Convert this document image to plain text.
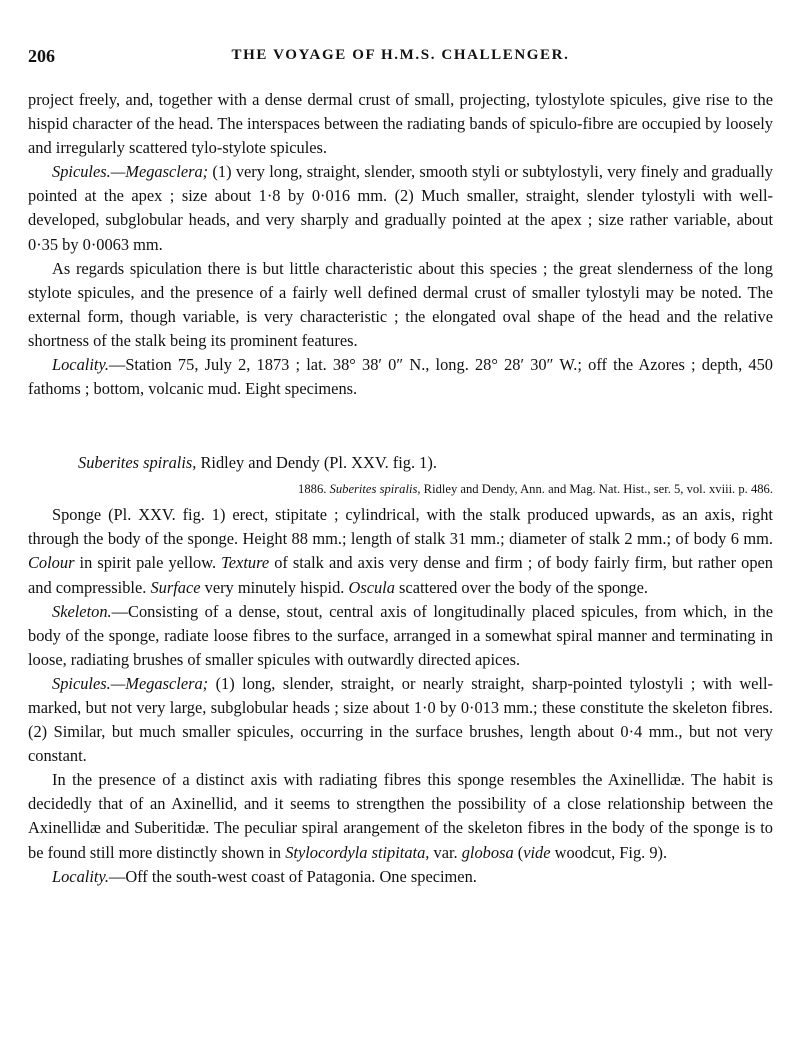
206	THE VOYAGE OF H.M.S. CHALLENGER.

project freely, and, together with a dense dermal crust of small, projecting, tylostylote spicules, give rise to the hispid character of the head. The interspaces between the radiating bands of spiculo-fibre are occupied by loosely and irregularly scattered tylo-stylote spicules.

Spicules.—Megasclera; (1) very long, straight, slender, smooth styli or subtylostyli, very finely and gradually pointed at the apex ; size about 1·8 by 0·016 mm. (2) Much smaller, straight, slender tylostyli with well-developed, subglobular heads, and very sharply and gradually pointed at the apex ; size rather variable, about 0·35 by 0·0063 mm.

As regards spiculation there is but little characteristic about this species ; the great slenderness of the long stylote spicules, and the presence of a fairly well defined dermal crust of smaller tylostyli may be noted. The external form, though variable, is very characteristic ; the elongated oval shape of the head and the relative shortness of the stalk being its prominent features.

Locality.—Station 75, July 2, 1873 ; lat. 38° 38′ 0″ N., long. 28° 28′ 30″ W.; off the Azores ; depth, 450 fathoms ; bottom, volcanic mud. Eight specimens.

Suberites spiralis, Ridley and Dendy (Pl. XXV. fig. 1).
1886. Suberites spiralis, Ridley and Dendy, Ann. and Mag. Nat. Hist., ser. 5, vol. xviii. p. 486.

Sponge (Pl. XXV. fig. 1) erect, stipitate ; cylindrical, with the stalk produced upwards, as an axis, right through the body of the sponge. Height 88 mm.; length of stalk 31 mm.; diameter of stalk 2 mm.; of body 6 mm. Colour in spirit pale yellow. Texture of stalk and axis very dense and firm ; of body fairly firm, but rather open and compressible. Surface very minutely hispid. Oscula scattered over the body of the sponge.

Skeleton.—Consisting of a dense, stout, central axis of longitudinally placed spicules, from which, in the body of the sponge, radiate loose fibres to the surface, arranged in a somewhat spiral manner and terminating in loose, radiating brushes of smaller spicules with outwardly directed apices.

Spicules.—Megasclera; (1) long, slender, straight, or nearly straight, sharp-pointed tylostyli ; with well-marked, but not very large, subglobular heads ; size about 1·0 by 0·013 mm.; these constitute the skeleton fibres. (2) Similar, but much smaller spicules, occurring in the surface brushes, length about 0·4 mm., but not very constant.

In the presence of a distinct axis with radiating fibres this sponge resembles the Axinellidæ. The habit is decidedly that of an Axinellid, and it seems to strengthen the possibility of a close relationship between the Axinellidæ and Suberitidæ. The peculiar spiral arangement of the skeleton fibres in the body of the sponge is to be found still more distinctly shown in Stylocordyla stipitata, var. globosa (vide woodcut, Fig. 9).

Locality.—Off the south-west coast of Patagonia. One specimen.
